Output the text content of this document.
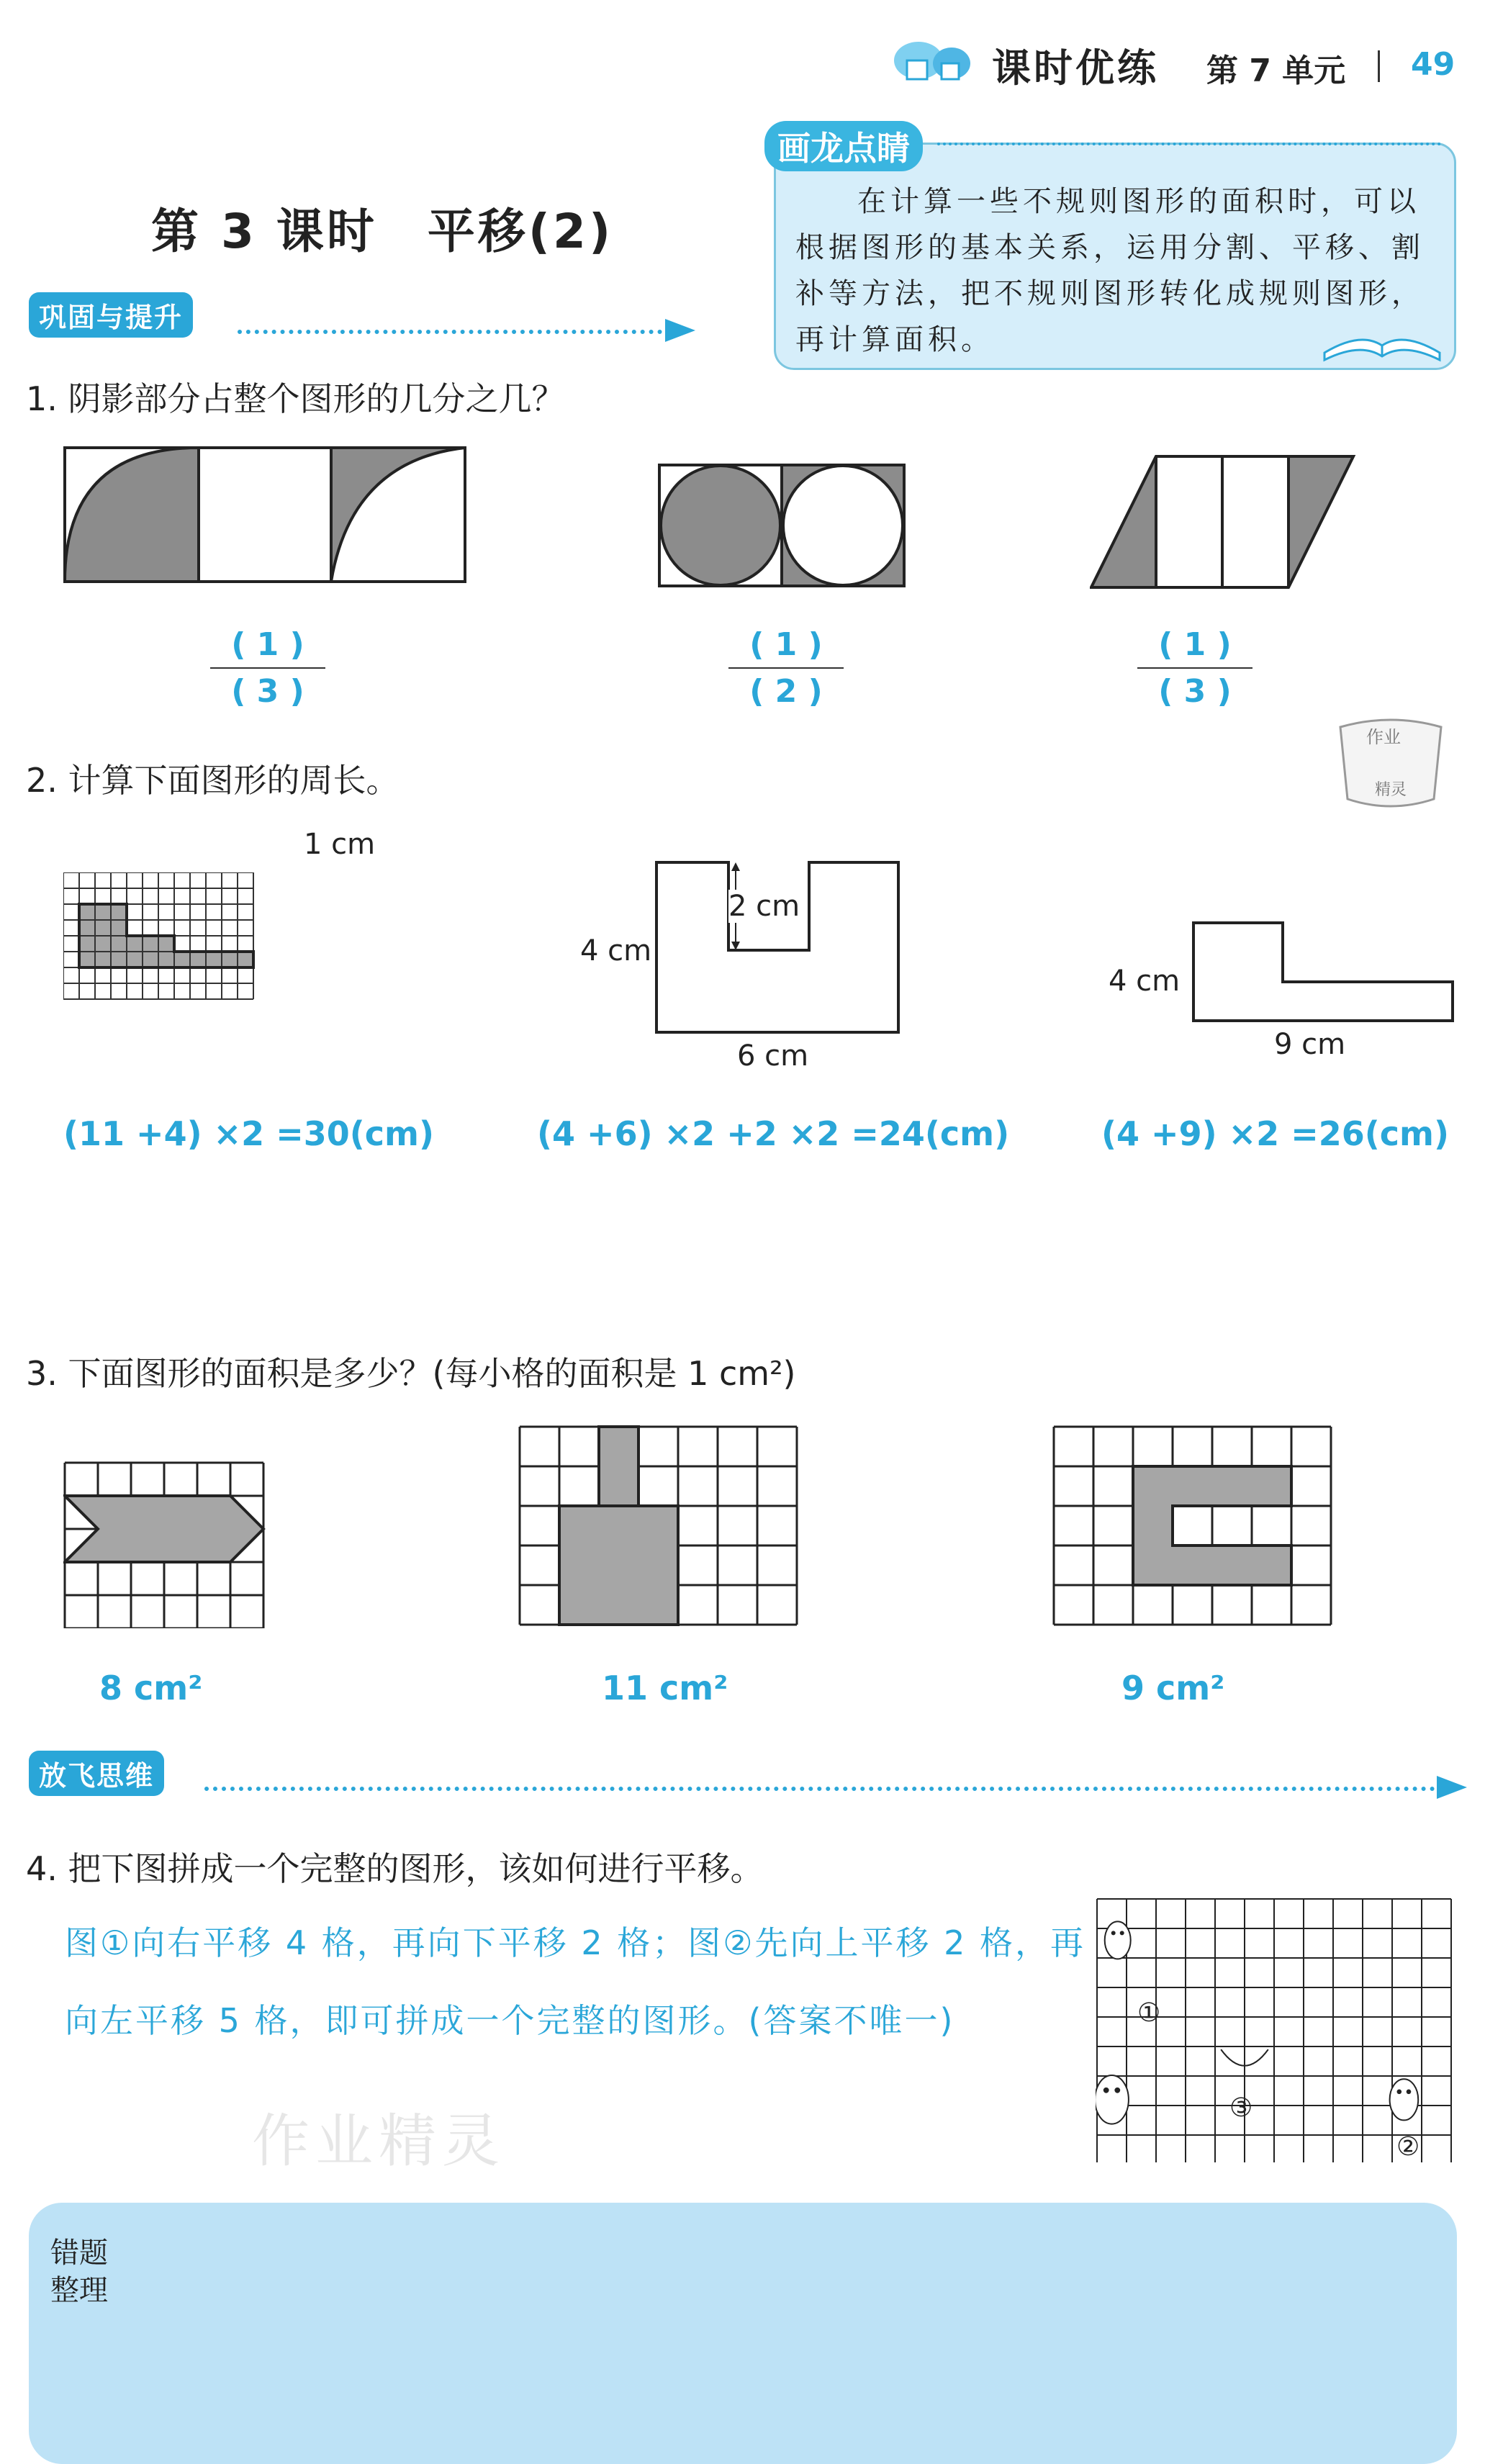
课时优练 第 7 单元 49
第 3 课时　平移(2)
画龙点睛
在计算一些不规则图形的面积时，可以根据图形的基本关系，运用分割、平移、割补等方法，把不规则图形转化成规则图形，再计算面积。
巩固与提升
1. 阴影部分占整个图形的几分之几？
( 1 )
( 3 )
( 1 )
( 2 )
( 1 )
( 3 )
作业
精灵
2. 计算下面图形的周长。
1 cm
2 cm
4 cm
6 cm
4 cm
9 cm
(11 +4) ×2 =30(cm)	(4 +6) ×2 +2 ×2 =24(cm)	(4 +9) ×2 =26(cm)
3. 下面图形的面积是多少？(每小格的面积是 1 cm²)
8 cm²	11 cm²	9 cm²
放飞思维
4. 把下图拼成一个完整的图形，该如何进行平移。
图①向右平移 4 格，再向下平移 2 格；图②先向上平移 2 格，再
向左平移 5 格，即可拼成一个完整的图形。(答案不唯一)
作业精灵
①
③
②
错题
整理
